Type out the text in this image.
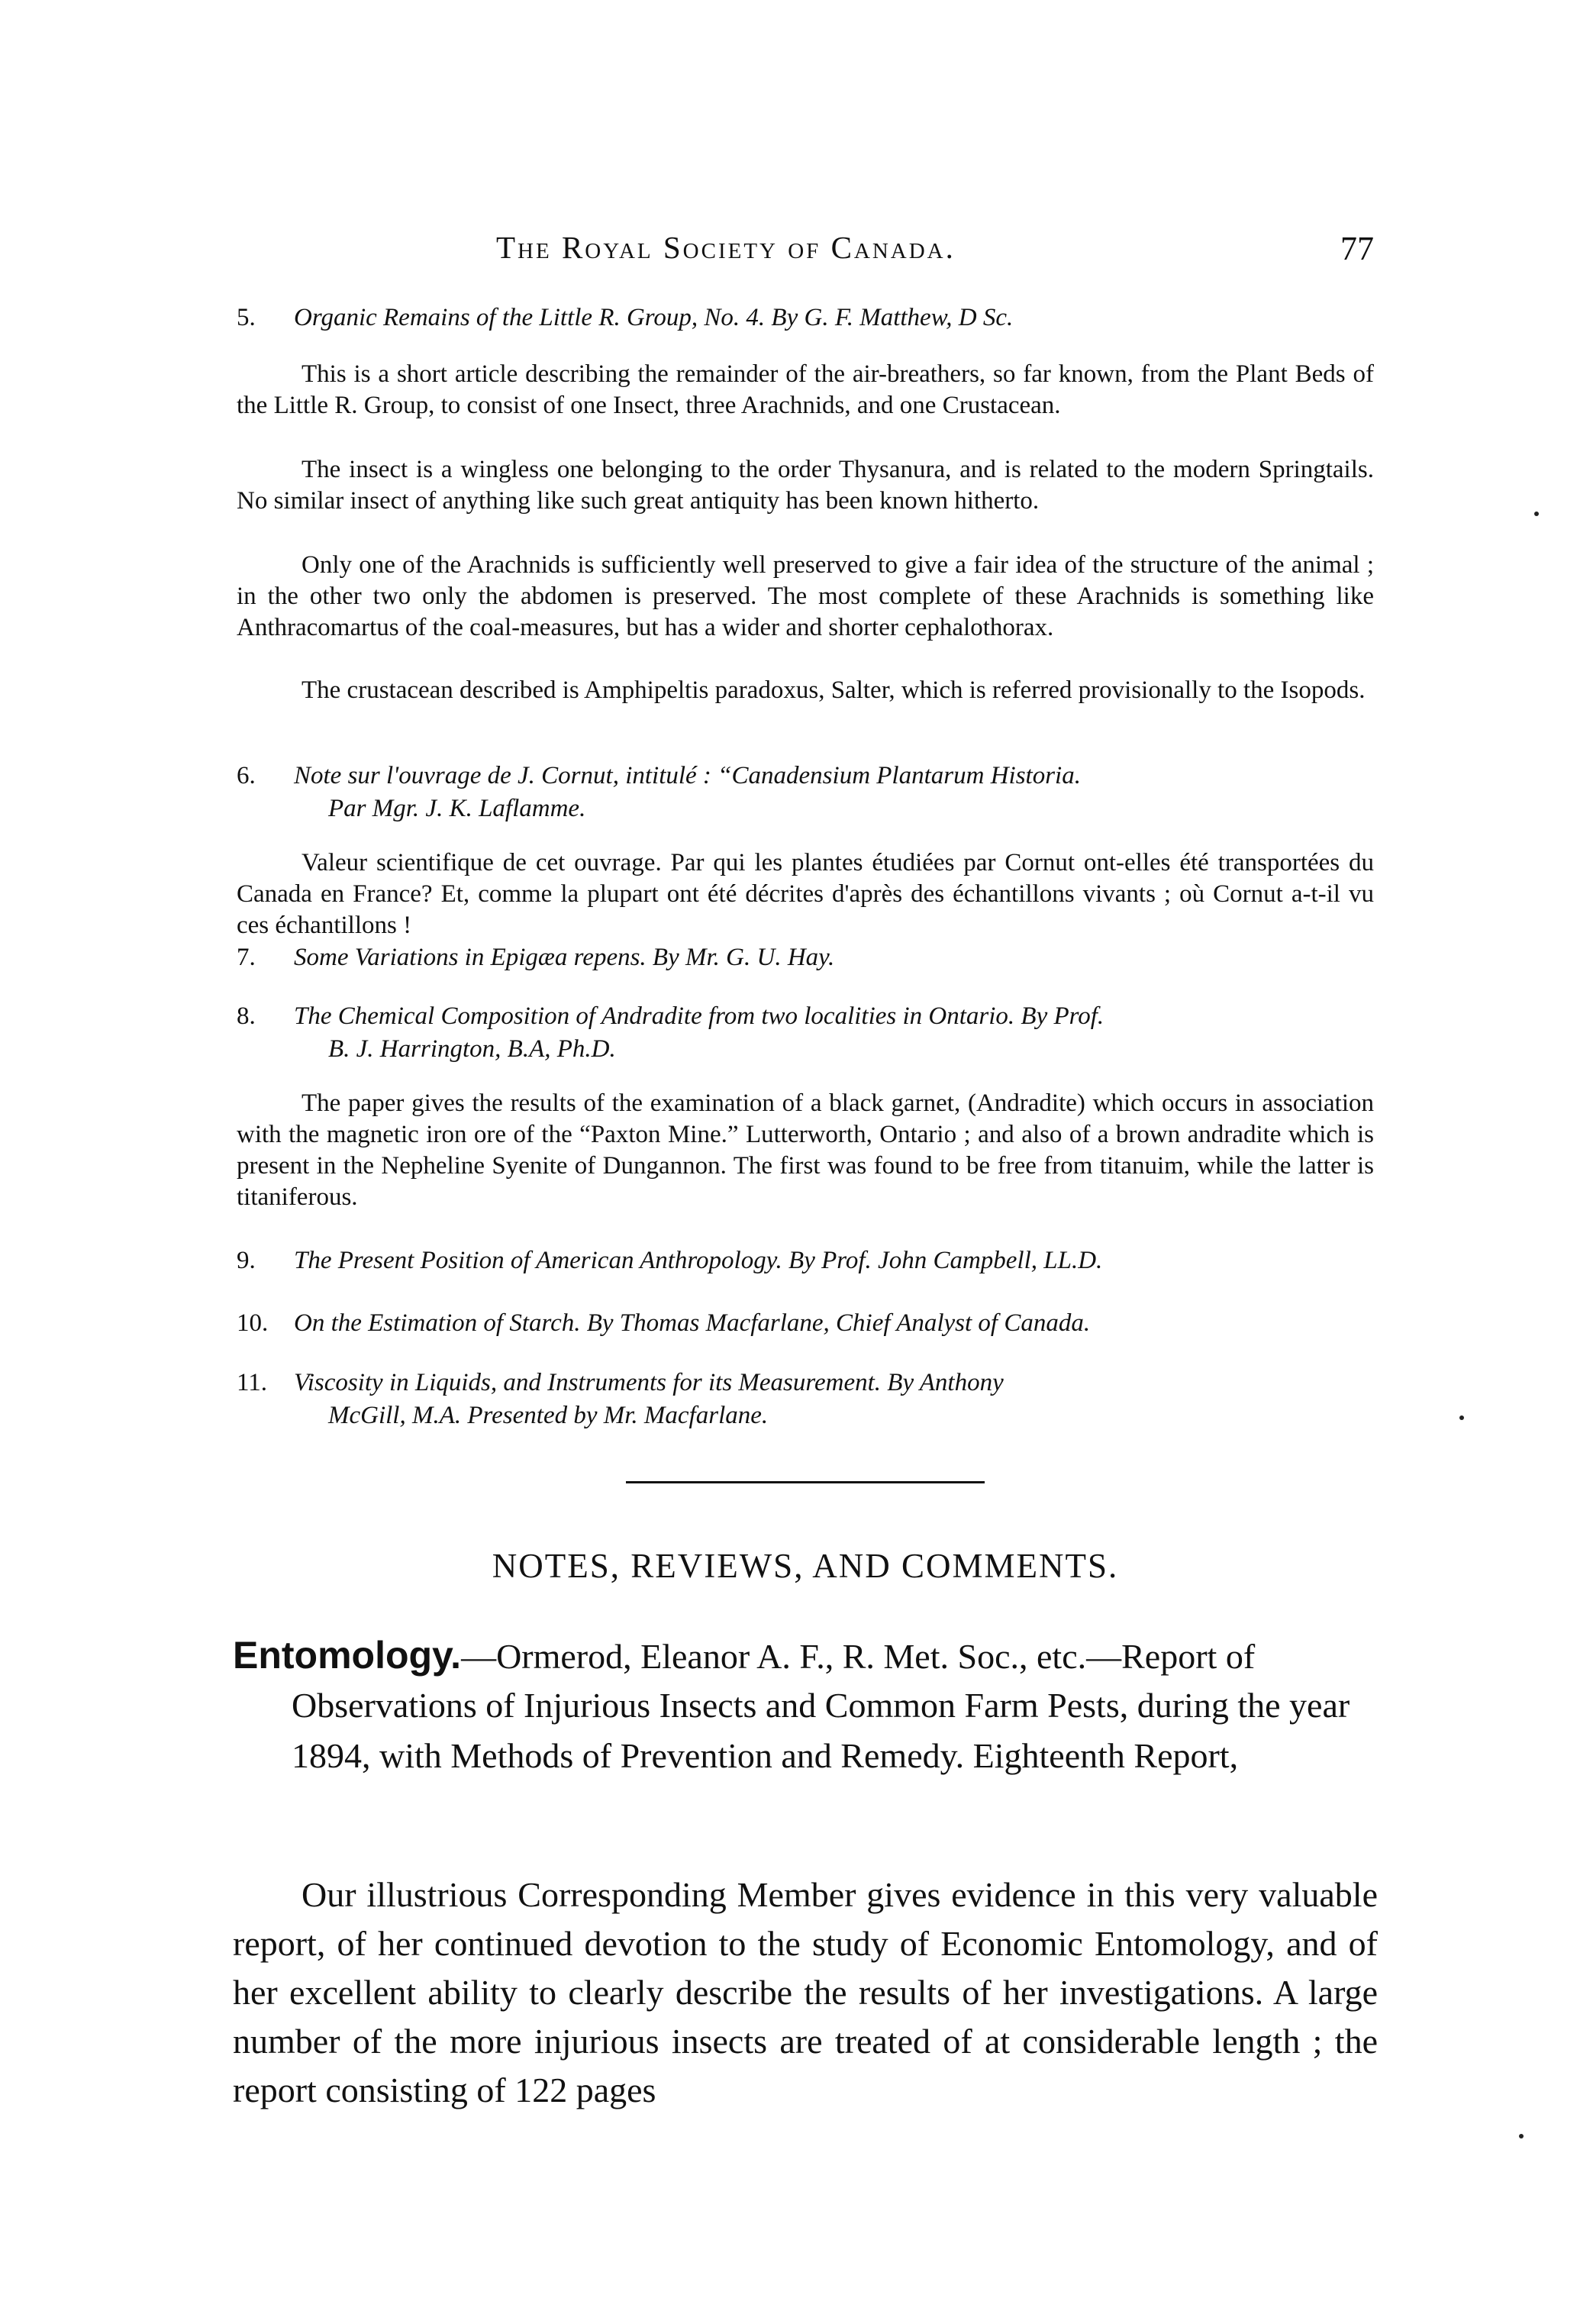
The Royal Society of Canada.	77
5. Organic Remains of the Little R. Group, No. 4. By G. F. Matthew, D Sc.

This is a short article describing the remainder of the air-breathers, so far known, from the Plant Beds of the Little R. Group, to consist of one Insect, three Arachnids, and one Crustacean.

The insect is a wingless one belonging to the order Thysanura, and is related to the modern Springtails. No similar insect of anything like such great antiquity has been known hitherto.

Only one of the Arachnids is sufficiently well preserved to give a fair idea of the structure of the animal ; in the other two only the abdomen is preserved. The most complete of these Arachnids is something like Anthracomartus of the coal-measures, but has a wider and shorter cephalothorax.

The crustacean described is Amphipeltis paradoxus, Salter, which is referred provisionally to the Isopods.

6. Note sur l'ouvrage de J. Cornut, intitulé : “Canadensium Plantarum Historia.
Par Mgr. J. K. Laflamme.

Valeur scientifique de cet ouvrage. Par qui les plantes étudiées par Cornut ont-elles été transportées du Canada en France? Et, comme la plupart ont été décrites d'après des échantillons vivants ; où Cornut a-t-il vu ces échantillons !

7. Some Variations in Epigæa repens. By Mr. G. U. Hay.
8. The Chemical Composition of Andradite from two localities in Ontario. By Prof.
B. J. Harrington, B.A, Ph.D.

The paper gives the results of the examination of a black garnet, (Andradite) which occurs in association with the magnetic iron ore of the “Paxton Mine.” Lutterworth, Ontario ; and also of a brown andradite which is present in the Nepheline Syenite of Dungannon. The first was found to be free from titanuim, while the latter is titaniferous.

9. The Present Position of American Anthropology. By Prof. John Campbell, LL.D.
10. On the Estimation of Starch. By Thomas Macfarlane, Chief Analyst of Canada.
11. Viscosity in Liquids, and Instruments for its Measurement. By Anthony
McGill, M.A. Presented by Mr. Macfarlane.
NOTES, REVIEWS, AND COMMENTS.
Entomology.—Ormerod, Eleanor A. F., R. Met. Soc., etc.—Report of
Observations of Injurious Insects and Common Farm Pests, during the year 1894, with Methods of Prevention and Remedy. Eighteenth Report,

Our illustrious Corresponding Member gives evidence in this very valuable report, of her continued devotion to the study of Economic Entomology, and of her excellent ability to clearly describe the results of her investigations. A large number of the more injurious insects are treated of at considerable length ; the report consisting of 122 pages
